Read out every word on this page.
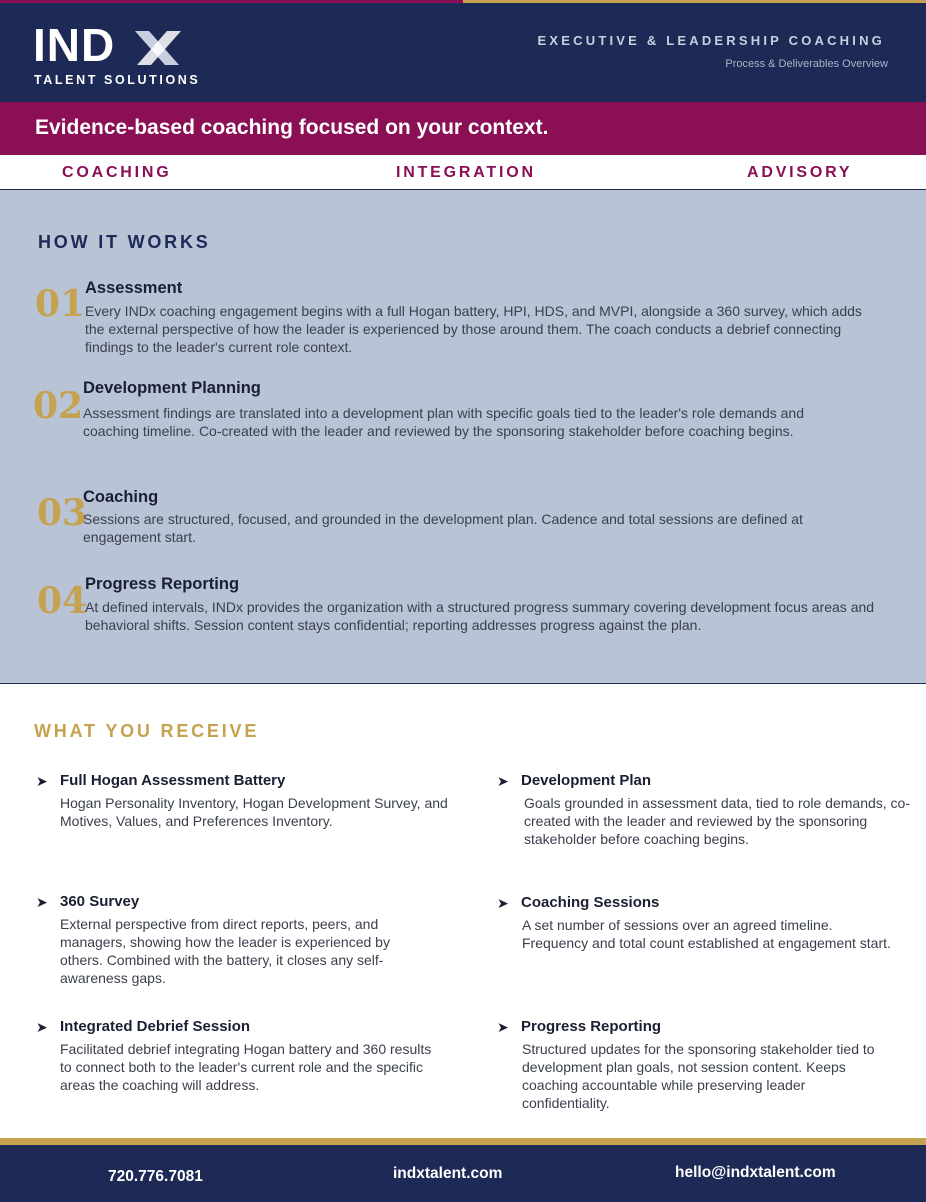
IND
TALENT SOLUTIONS
EXECUTIVE & LEADERSHIP COACHING
Process & Deliverables Overview
Evidence-based coaching focused on your context.
COACHING	INTEGRATION	ADVISORY
HOW IT WORKS
01 Assessment
Every INDx coaching engagement begins with a full Hogan battery, HPI, HDS, and MVPI, alongside a 360 survey, which adds the external perspective of how the leader is experienced by those around them. The coach conducts a debrief connecting findings to the leader's current role context.
02 Development Planning
Assessment findings are translated into a development plan with specific goals tied to the leader's role demands and coaching timeline. Co-created with the leader and reviewed by the sponsoring stakeholder before coaching begins.
03
Coaching
Sessions are structured, focused, and grounded in the development plan. Cadence and total sessions are defined at engagement start.
04
Progress Reporting
At defined intervals, INDx provides the organization with a structured progress summary covering development focus areas and behavioral shifts. Session content stays confidential; reporting addresses progress against the plan.
WHAT YOU RECEIVE
➤ Full Hogan Assessment Battery
Hogan Personality Inventory, Hogan Development Survey, and Motives, Values, and Preferences Inventory.
➤ Development Plan
Goals grounded in assessment data, tied to role demands, co-created with the leader and reviewed by the sponsoring stakeholder before coaching begins.
➤ 360 Survey
External perspective from direct reports, peers, and managers, showing how the leader is experienced by others. Combined with the battery, it closes any self-awareness gaps.
➤ Coaching Sessions
A set number of sessions over an agreed timeline. Frequency and total count established at engagement start.
➤ Integrated Debrief Session
Facilitated debrief integrating Hogan battery and 360 results to connect both to the leader's current role and the specific areas the coaching will address.
➤ Progress Reporting
Structured updates for the sponsoring stakeholder tied to development plan goals, not session content. Keeps coaching accountable while preserving leader confidentiality.
720.776.7081	indxtalent.com	hello@indxtalent.com
